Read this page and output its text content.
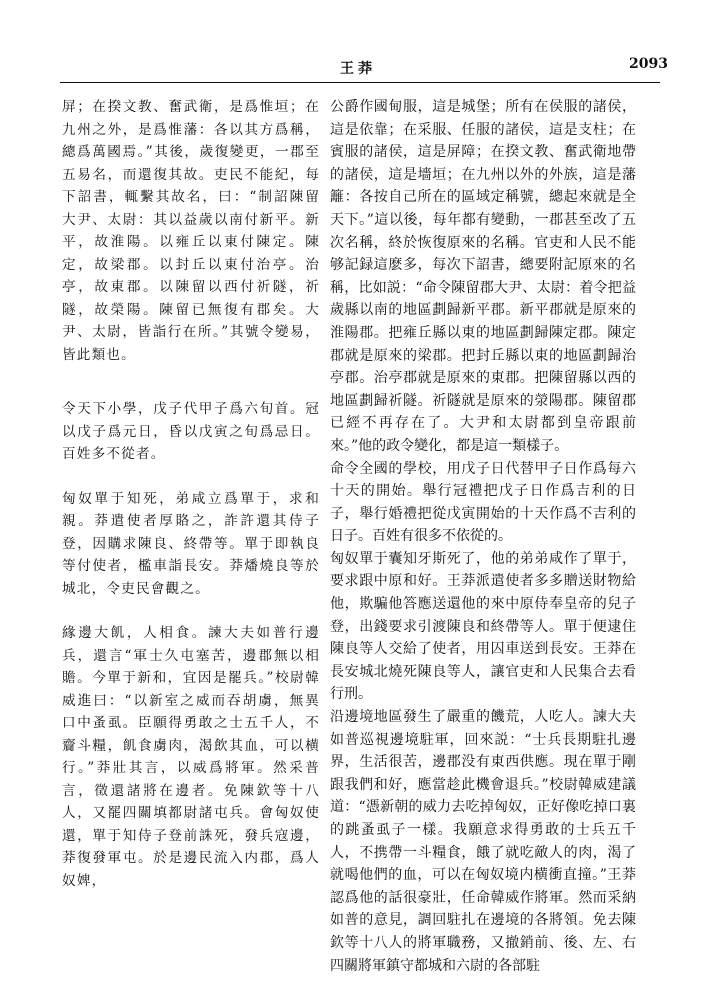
王莽	2093

屏；在揆文教、奮武衛，是爲惟垣；在九州之外，是爲惟藩：各以其方爲稱，總爲萬國焉。”其後，歲復變更，一郡至五易名，而還復其故。吏民不能紀，每下詔書，輒繫其故名，曰：“制詔陳留大尹、太尉：其以益歲以南付新平。新平，故淮陽。以雍丘以東付陳定。陳定，故梁郡。以封丘以東付治亭。治亭，故東郡。以陳留以西付祈隧，祈隧，故榮陽。陳留已無復有郡矣。大尹、太尉，皆詣行在所。”其號令變易，皆此類也。

令天下小學，戊子代甲子爲六旬首。冠以戊子爲元日，昏以戊寅之旬爲忌日。百姓多不從者。

匈奴單于知死，弟咸立爲單于，求和親。莽遣使者厚賂之，詐許還其侍子登，因購求陳良、終帶等。單于即執良等付使者，檻車詣長安。莽燔燒良等於城北，令吏民會觀之。

緣邊大飢，人相食。諫大夫如普行邊兵，還言“軍士久屯塞苦，邊郡無以相贍。今單于新和，宜因是罷兵。”校尉韓威進曰：“以新室之威而吞胡虜，無異口中蚤虱。臣願得勇敢之士五千人，不齎斗糧，飢食虜肉，渴飲其血，可以横行。”莽壯其言，以威爲將軍。然采普言，徵還諸將在邊者。免陳欽等十八人，又罷四關填都尉諸屯兵。會匈奴使還，單于知侍子登前誅死，發兵寇邊，莽復發軍屯。於是邊民流入内郡，爲人奴婢，

公爵作國甸服，這是城堡；所有在侯服的諸侯，這是依靠；在采服、任服的諸侯，這是支柱；在賓服的諸侯，這是屏障；在揆文教、奮武衛地帶的諸侯，這是墻垣；在九州以外的外族，這是藩籬：各按自己所在的區域定稱號，總起來就是全天下。”這以後，每年都有變動，一郡甚至改了五次名稱，終於恢復原來的名稱。官吏和人民不能够記録這麽多，每次下詔書，總要附記原來的名稱，比如説：“命令陳留郡大尹、太尉：着令把益歲縣以南的地區劃歸新平郡。新平郡就是原來的淮陽郡。把雍丘縣以東的地區劃歸陳定郡。陳定郡就是原來的梁郡。把封丘縣以東的地區劃歸治亭郡。治亭郡就是原來的東郡。把陳留縣以西的地區劃歸祈隧。祈隧就是原來的滎陽郡。陳留郡已經不再存在了。大尹和太尉都到皇帝跟前來。”他的政令變化，都是這一類樣子。

命令全國的學校，用戊子日代替甲子日作爲每六十天的開始。舉行冠禮把戊子日作爲吉利的日子，舉行婚禮把從戊寅開始的十天作爲不吉利的日子。百姓有很多不依從的。

匈奴單于囊知牙斯死了，他的弟弟咸作了單于，要求跟中原和好。王莽派遣使者多多贈送財物給他，欺騙他答應送還他的來中原侍奉皇帝的兒子登，出錢要求引渡陳良和終帶等人。單于便逮住陳良等人交給了使者，用囚車送到長安。王莽在長安城北燒死陳良等人，讓官吏和人民集合去看行刑。

沿邊境地區發生了嚴重的饑荒，人吃人。諫大夫如普巡視邊境駐軍，回來説：“士兵長期駐扎邊界，生活很苦，邊郡没有東西供應。現在單于剛跟我們和好，應當趁此機會退兵。”校尉韓威建議道：“憑新朝的威力去吃掉匈奴，正好像吃掉口裏的跳蚤虱子一樣。我願意求得勇敢的士兵五千人，不携帶一斗糧食，餓了就吃敵人的肉，渴了就喝他們的血，可以在匈奴境内横衝直撞。”王莽認爲他的話很豪壯，任命韓威作將軍。然而采納如普的意見，調回駐扎在邊境的各將領。免去陳欽等十八人的將軍職務，又撤銷前、後、左、右四關將軍鎮守都城和六尉的各部駐
